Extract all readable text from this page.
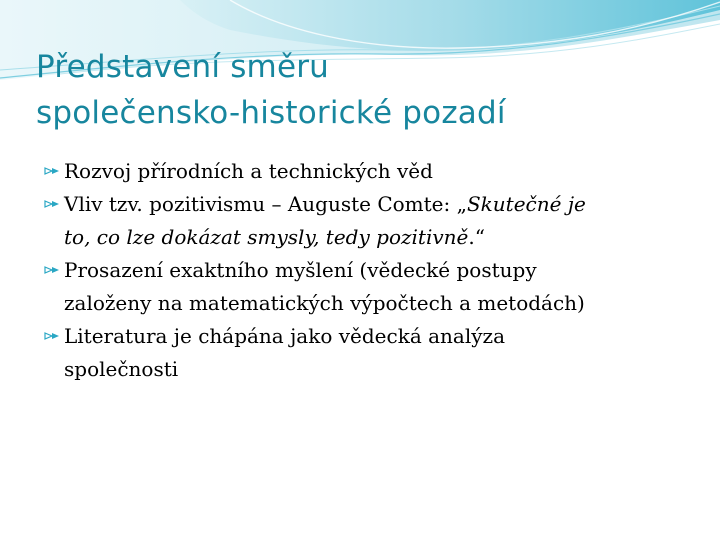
Představení směru
společensko-historické pozadí
Rozvoj přírodních a technických věd
Vliv tzv. pozitivismu – Auguste Comte: „Skutečné je
to, co lze dokázat smysly, tedy pozitivně.“
Prosazení exaktního myšlení (vědecké postupy
založeny na matematických výpočtech a metodách)
Literatura je chápána jako vědecká analýza
společnosti
